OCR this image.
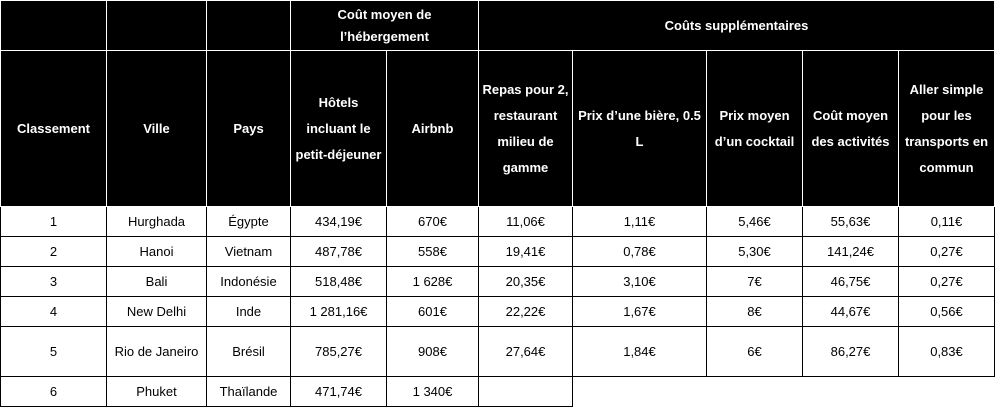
			Coût moyen de l’hébergement		Coûts supplémentaires				
Classement	Ville	Pays	Hôtels incluant le petit-déjeuner	Airbnb	Repas pour 2, restaurant milieu de gamme	Prix d’une bière, 0.5 L	Prix moyen d’un cocktail	Coût moyen des activités	Aller simple pour les transports en commun
1	Hurghada	Égypte	434,19€	670€	11,06€	1,11€	5,46€	55,63€	0,11€
2	Hanoi	Vietnam	487,78€	558€	19,41€	0,78€	5,30€	141,24€	0,27€
3	Bali	Indonésie	518,48€	1 628€	20,35€	3,10€	7€	46,75€	0,27€
4	New Delhi	Inde	1 281,16€	601€	22,22€	1,67€	8€	44,67€	0,56€
5	Rio de Janeiro	Brésil	785,27€	908€	27,64€	1,84€	6€	86,27€	0,83€
6	Phuket	Thaïlande	471,74€	1 340€					
